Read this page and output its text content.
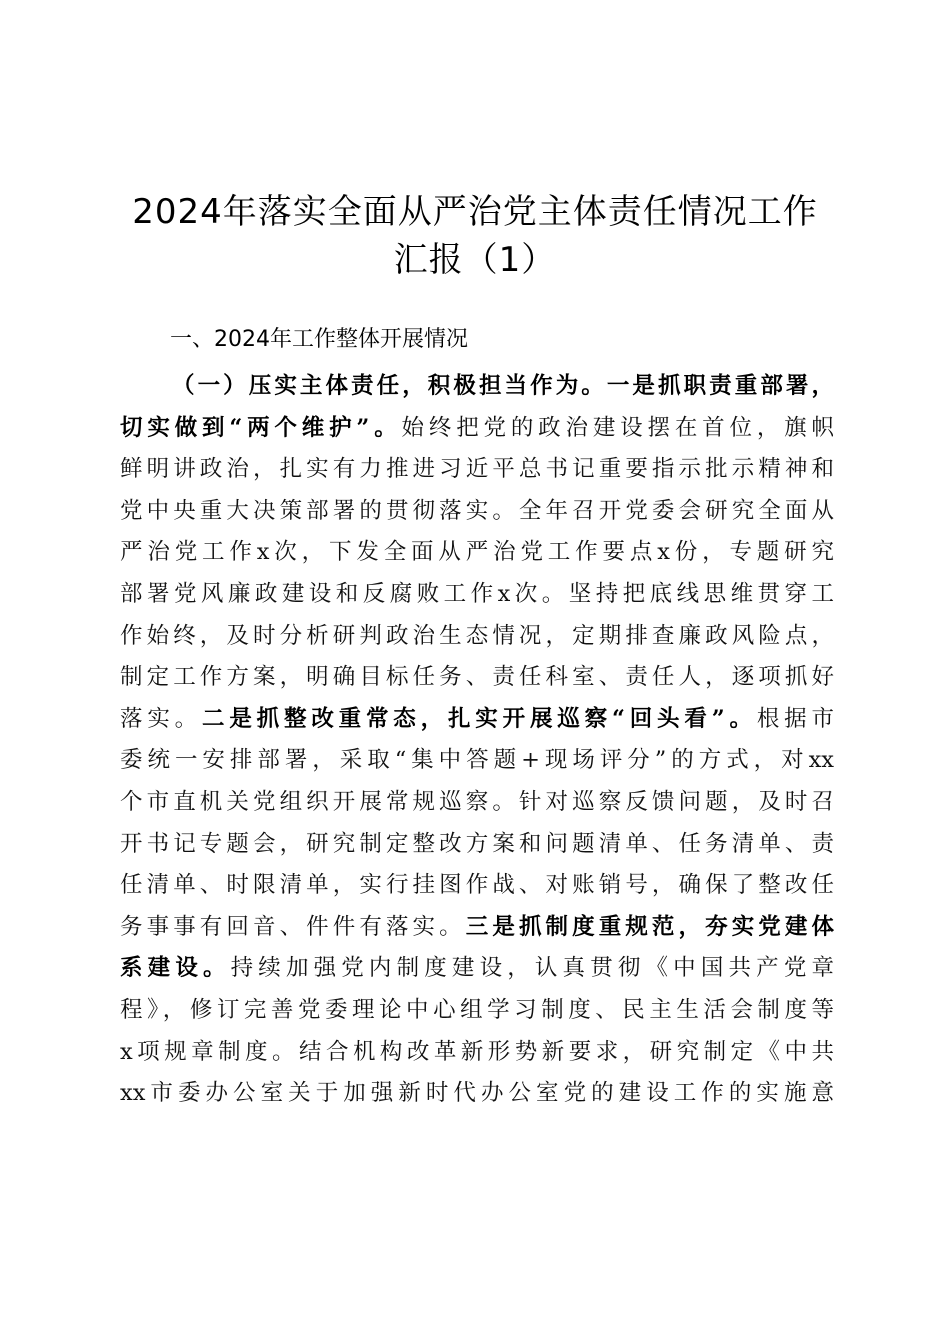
2024年落实全面从严治党主体责任情况工作
汇报（1）
一、2024年工作整体开展情况
（一）压实主体责任，积极担当作为。一是抓职责重部署，
切实做到“两个维护”。始终把党的政治建设摆在首位，旗帜
鲜明讲政治，扎实有力推进习近平总书记重要指示批示精神和
党中央重大决策部署的贯彻落实。全年召开党委会研究全面从
严治党工作x次，下发全面从严治党工作要点x份，专题研究
部署党风廉政建设和反腐败工作x次。坚持把底线思维贯穿工
作始终，及时分析研判政治生态情况，定期排查廉政风险点，
制定工作方案，明确目标任务、责任科室、责任人，逐项抓好
落实。二是抓整改重常态，扎实开展巡察“回头看”。根据市
委统一安排部署，采取“集中答题+现场评分”的方式，对xx
个市直机关党组织开展常规巡察。针对巡察反馈问题，及时召
开书记专题会，研究制定整改方案和问题清单、任务清单、责
任清单、时限清单，实行挂图作战、对账销号，确保了整改任
务事事有回音、件件有落实。三是抓制度重规范，夯实党建体
系建设。持续加强党内制度建设，认真贯彻《中国共产党章
程》，修订完善党委理论中心组学习制度、民主生活会制度等
x项规章制度。结合机构改革新形势新要求，研究制定《中共
xx市委办公室关于加强新时代办公室党的建设工作的实施意
